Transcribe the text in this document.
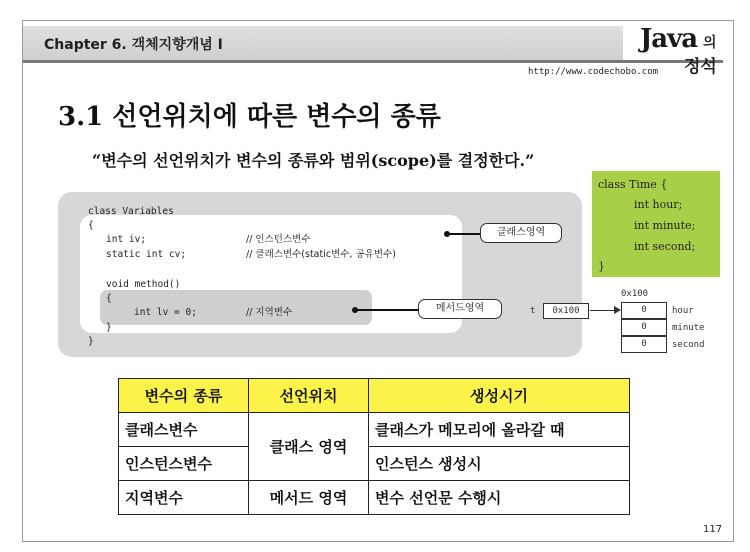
Chapter 6. 객체지향개념 I	Java 의
정석
http://www.codechobo.com
3.1 선언위치에 따른 변수의 종류
“변수의 선언위치가 변수의 종류와 범위(scope)를 결정한다.”
class Variables
{
int iv;	// 인스턴스변수
static int cv;	// 클래스변수(static변수, 공유변수)
void method()
{
int lv = 0;	// 지역변수
}
}
클래스영역
메서드영역
class Time {
int hour;
int minute;
int second;
}
t	0x100
0x100
0	hour
0	minute
0	second
변수의 종류	선언위치	생성시기
클래스변수	클래스 영역	클래스가 메모리에 올라갈 때
인스턴스변수		인스턴스 생성시
지역변수	메서드 영역	변수 선언문 수행시
117
